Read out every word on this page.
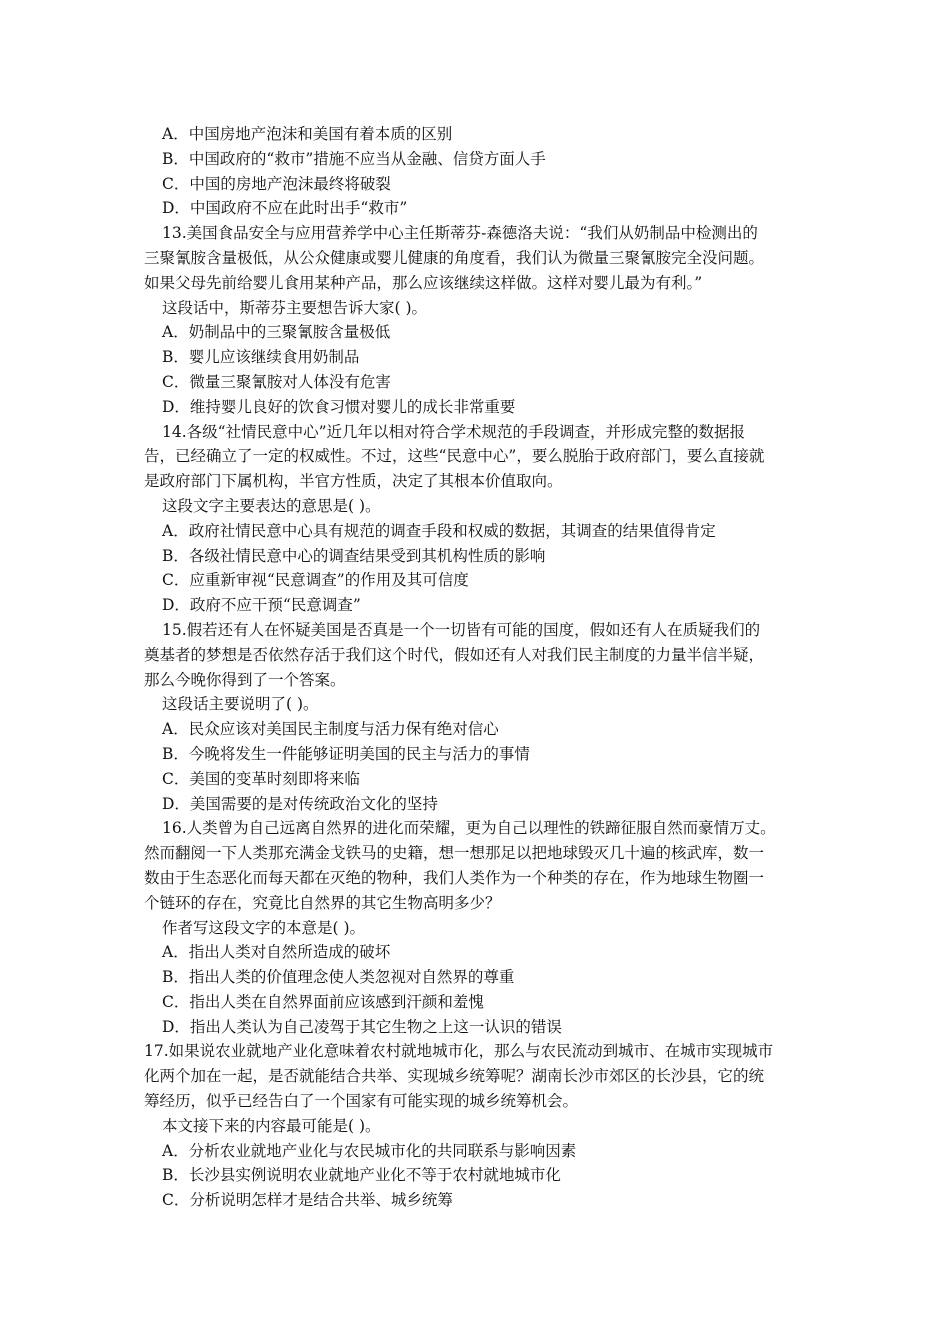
A．中国房地产泡沫和美国有着本质的区别
B．中国政府的“救市”措施不应当从金融、信贷方面人手
C．中国的房地产泡沫最终将破裂
D．中国政府不应在此时出手“救市”
13.美国食品安全与应用营养学中心主任斯蒂芬-森德洛夫说：“我们从奶制品中检测出的
三聚氰胺含量极低，从公众健康或婴儿健康的角度看，我们认为微量三聚氰胺完全没问题。
如果父母先前给婴儿食用某种产品，那么应该继续这样做。这样对婴儿最为有利。”
这段话中，斯蒂芬主要想告诉大家( )。
A．奶制品中的三聚氰胺含量极低
B．婴儿应该继续食用奶制品
C．微量三聚氰胺对人体没有危害
D．维持婴儿良好的饮食习惯对婴儿的成长非常重要
14.各级“社情民意中心”近几年以相对符合学术规范的手段调查，并形成完整的数据报
告，已经确立了一定的权威性。不过，这些“民意中心”，要么脱胎于政府部门，要么直接就
是政府部门下属机构，半官方性质，决定了其根本价值取向。
这段文字主要表达的意思是( )。
A．政府社情民意中心具有规范的调查手段和权威的数据，其调查的结果值得肯定
B．各级社情民意中心的调查结果受到其机构性质的影响
C．应重新审视“民意调查”的作用及其可信度
D．政府不应干预“民意调查”
15.假若还有人在怀疑美国是否真是一个一切皆有可能的国度，假如还有人在质疑我们的
奠基者的梦想是否依然存活于我们这个时代，假如还有人对我们民主制度的力量半信半疑，
那么今晚你得到了一个答案。
这段话主要说明了( )。
A．民众应该对美国民主制度与活力保有绝对信心
B．今晚将发生一件能够证明美国的民主与活力的事情
C．美国的变革时刻即将来临
D．美国需要的是对传统政治文化的坚持
16.人类曾为自己远离自然界的进化而荣耀，更为自己以理性的铁蹄征服自然而豪情万丈。
然而翻阅一下人类那充满金戈铁马的史籍，想一想那足以把地球毁灭几十遍的核武库，数一
数由于生态恶化而每天都在灭绝的物种，我们人类作为一个种类的存在，作为地球生物圈一
个链环的存在，究竟比自然界的其它生物高明多少？
作者写这段文字的本意是( )。
A．指出人类对自然所造成的破坏
B．指出人类的价值理念使人类忽视对自然界的尊重
C．指出人类在自然界面前应该感到汗颜和羞愧
D．指出人类认为自己凌驾于其它生物之上这一认识的错误
17.如果说农业就地产业化意味着农村就地城市化，那么与农民流动到城市、在城市实现城市
化两个加在一起，是否就能结合共举、实现城乡统筹呢？湖南长沙市郊区的长沙县，它的统
筹经历，似乎已经告白了一个国家有可能实现的城乡统筹机会。
本文接下来的内容最可能是( )。
A．分析农业就地产业化与农民城市化的共同联系与影响因素
B．长沙县实例说明农业就地产业化不等于农村就地城市化
C．分析说明怎样才是结合共举、城乡统筹
